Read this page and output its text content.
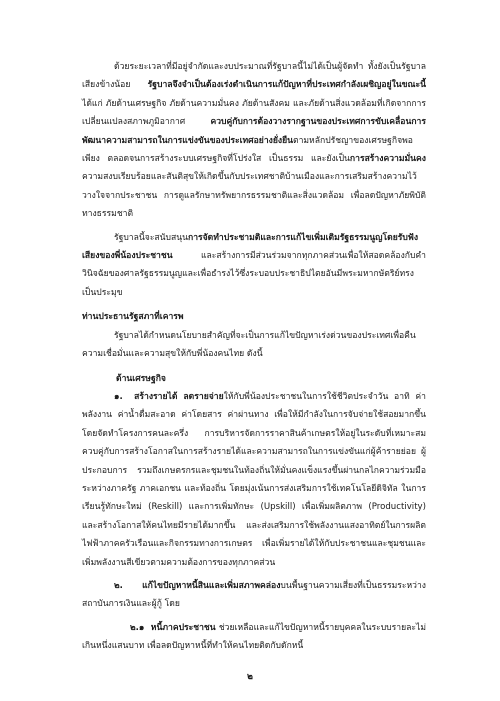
ด้วยระยะเวลาที่มีอยู่จำกัดและงบประมาณที่รัฐบาลนี้ไม่ได้เป็นผู้จัดทำ ทั้งยังเป็นรัฐบาลเสียงข้างน้อย รัฐบาลจึงจำเป็นต้องเร่งดำเนินการแก้ปัญหาที่ประเทศกำลังเผชิญอยู่ในขณะนี้ ได้แก่ ภัยด้านเศรษฐกิจ ภัยด้านความมั่นคง ภัยด้านสังคม และภัยด้านสิ่งแวดล้อมที่เกิดจากการเปลี่ยนแปลงสภาพภูมิอากาศ ควบคู่กับการต้องวางรากฐานของประเทศการขับเคลื่อนการพัฒนาความสามารถในการแข่งขันของประเทศอย่างยั่งยืนตามหลักปรัชญาของเศรษฐกิจพอเพียง ตลอดจนการสร้างระบบเศรษฐกิจที่โปร่งใส เป็นธรรม และยังเป็นการสร้างความมั่นคง ความสงบเรียบร้อยและสันติสุขให้เกิดขึ้นกับประเทศชาติบ้านเมืองและการเสริมสร้างความไว้วางใจจากประชาชน การดูแลรักษาทรัพยากรธรรมชาติและสิ่งแวดล้อม เพื่อลดปัญหาภัยพิบัติทางธรรมชาติ

รัฐบาลนี้จะสนับสนุนการจัดทำประชามติและการแก้ไขเพิ่มเติมรัฐธรรมนูญโดยรับฟังเสียงของพี่น้องประชาชน และสร้างการมีส่วนร่วมจากทุกภาคส่วนเพื่อให้สอดคล้องกับคำวินิจฉัยของศาลรัฐธรรมนูญและเพื่อธำรงไว้ซึ่งระบอบประชาธิปไตยอันมีพระมหากษัตริย์ทรงเป็นประมุข

ท่านประธานรัฐสภาที่เคารพ

รัฐบาลได้กำหนดนโยบายสำคัญที่จะเป็นการแก้ไขปัญหาเร่งด่วนของประเทศเพื่อคืนความเชื่อมั่นและความสุขให้กับพี่น้องคนไทย ดังนี้

ด้านเศรษฐกิจ

๑. สร้างรายได้ ลดรายจ่ายให้กับพี่น้องประชาชนในการใช้ชีวิตประจำวัน อาทิ ค่าพลังงาน ค่าน้ำดื่มสะอาด ค่าโดยสาร ค่าผ่านทาง เพื่อให้มีกำลังในการจับจ่ายใช้สอยมากขึ้น โดยจัดทำโครงการคนละครึ่ง การบริหารจัดการราคาสินค้าเกษตรให้อยู่ในระดับที่เหมาะสม ควบคู่กับการสร้างโอกาสในการสร้างรายได้และความสามารถในการแข่งขันแก่ผู้ค้ารายย่อย ผู้ประกอบการ รวมถึงเกษตรกรและชุมชนในท้องถิ่นให้มั่นคงแข็งแรงขึ้นผ่านกลไกความร่วมมือระหว่างภาครัฐ ภาคเอกชน และท้องถิ่น โดยมุ่งเน้นการส่งเสริมการใช้เทคโนโลยีดิจิทัล ในการเรียนรู้ทักษะใหม่ (Reskill) และการเพิ่มทักษะ (Upskill) เพื่อเพิ่มผลิตภาพ (Productivity) และสร้างโอกาสให้คนไทยมีรายได้มากขึ้น และส่งเสริมการใช้พลังงานแสงอาทิตย์ในการผลิตไฟฟ้าภาคครัวเรือนและกิจกรรมทางการเกษตร เพื่อเพิ่มรายได้ให้กับประชาชนและชุมชนและเพิ่มพลังงานสีเขียวตามความต้องการของทุกภาคส่วน

๒. แก้ไขปัญหาหนี้สินและเพิ่มสภาพคล่องบนพื้นฐานความเสี่ยงที่เป็นธรรมระหว่างสถาบันการเงินและผู้กู้ โดย

๒.๑ หนี้ภาคประชาชน ช่วยเหลือและแก้ไขปัญหาหนี้รายบุคคลในระบบรายละไม่เกินหนึ่งแสนบาท เพื่อลดปัญหาหนี้ที่ทำให้คนไทยติดกับดักหนี้

๒
